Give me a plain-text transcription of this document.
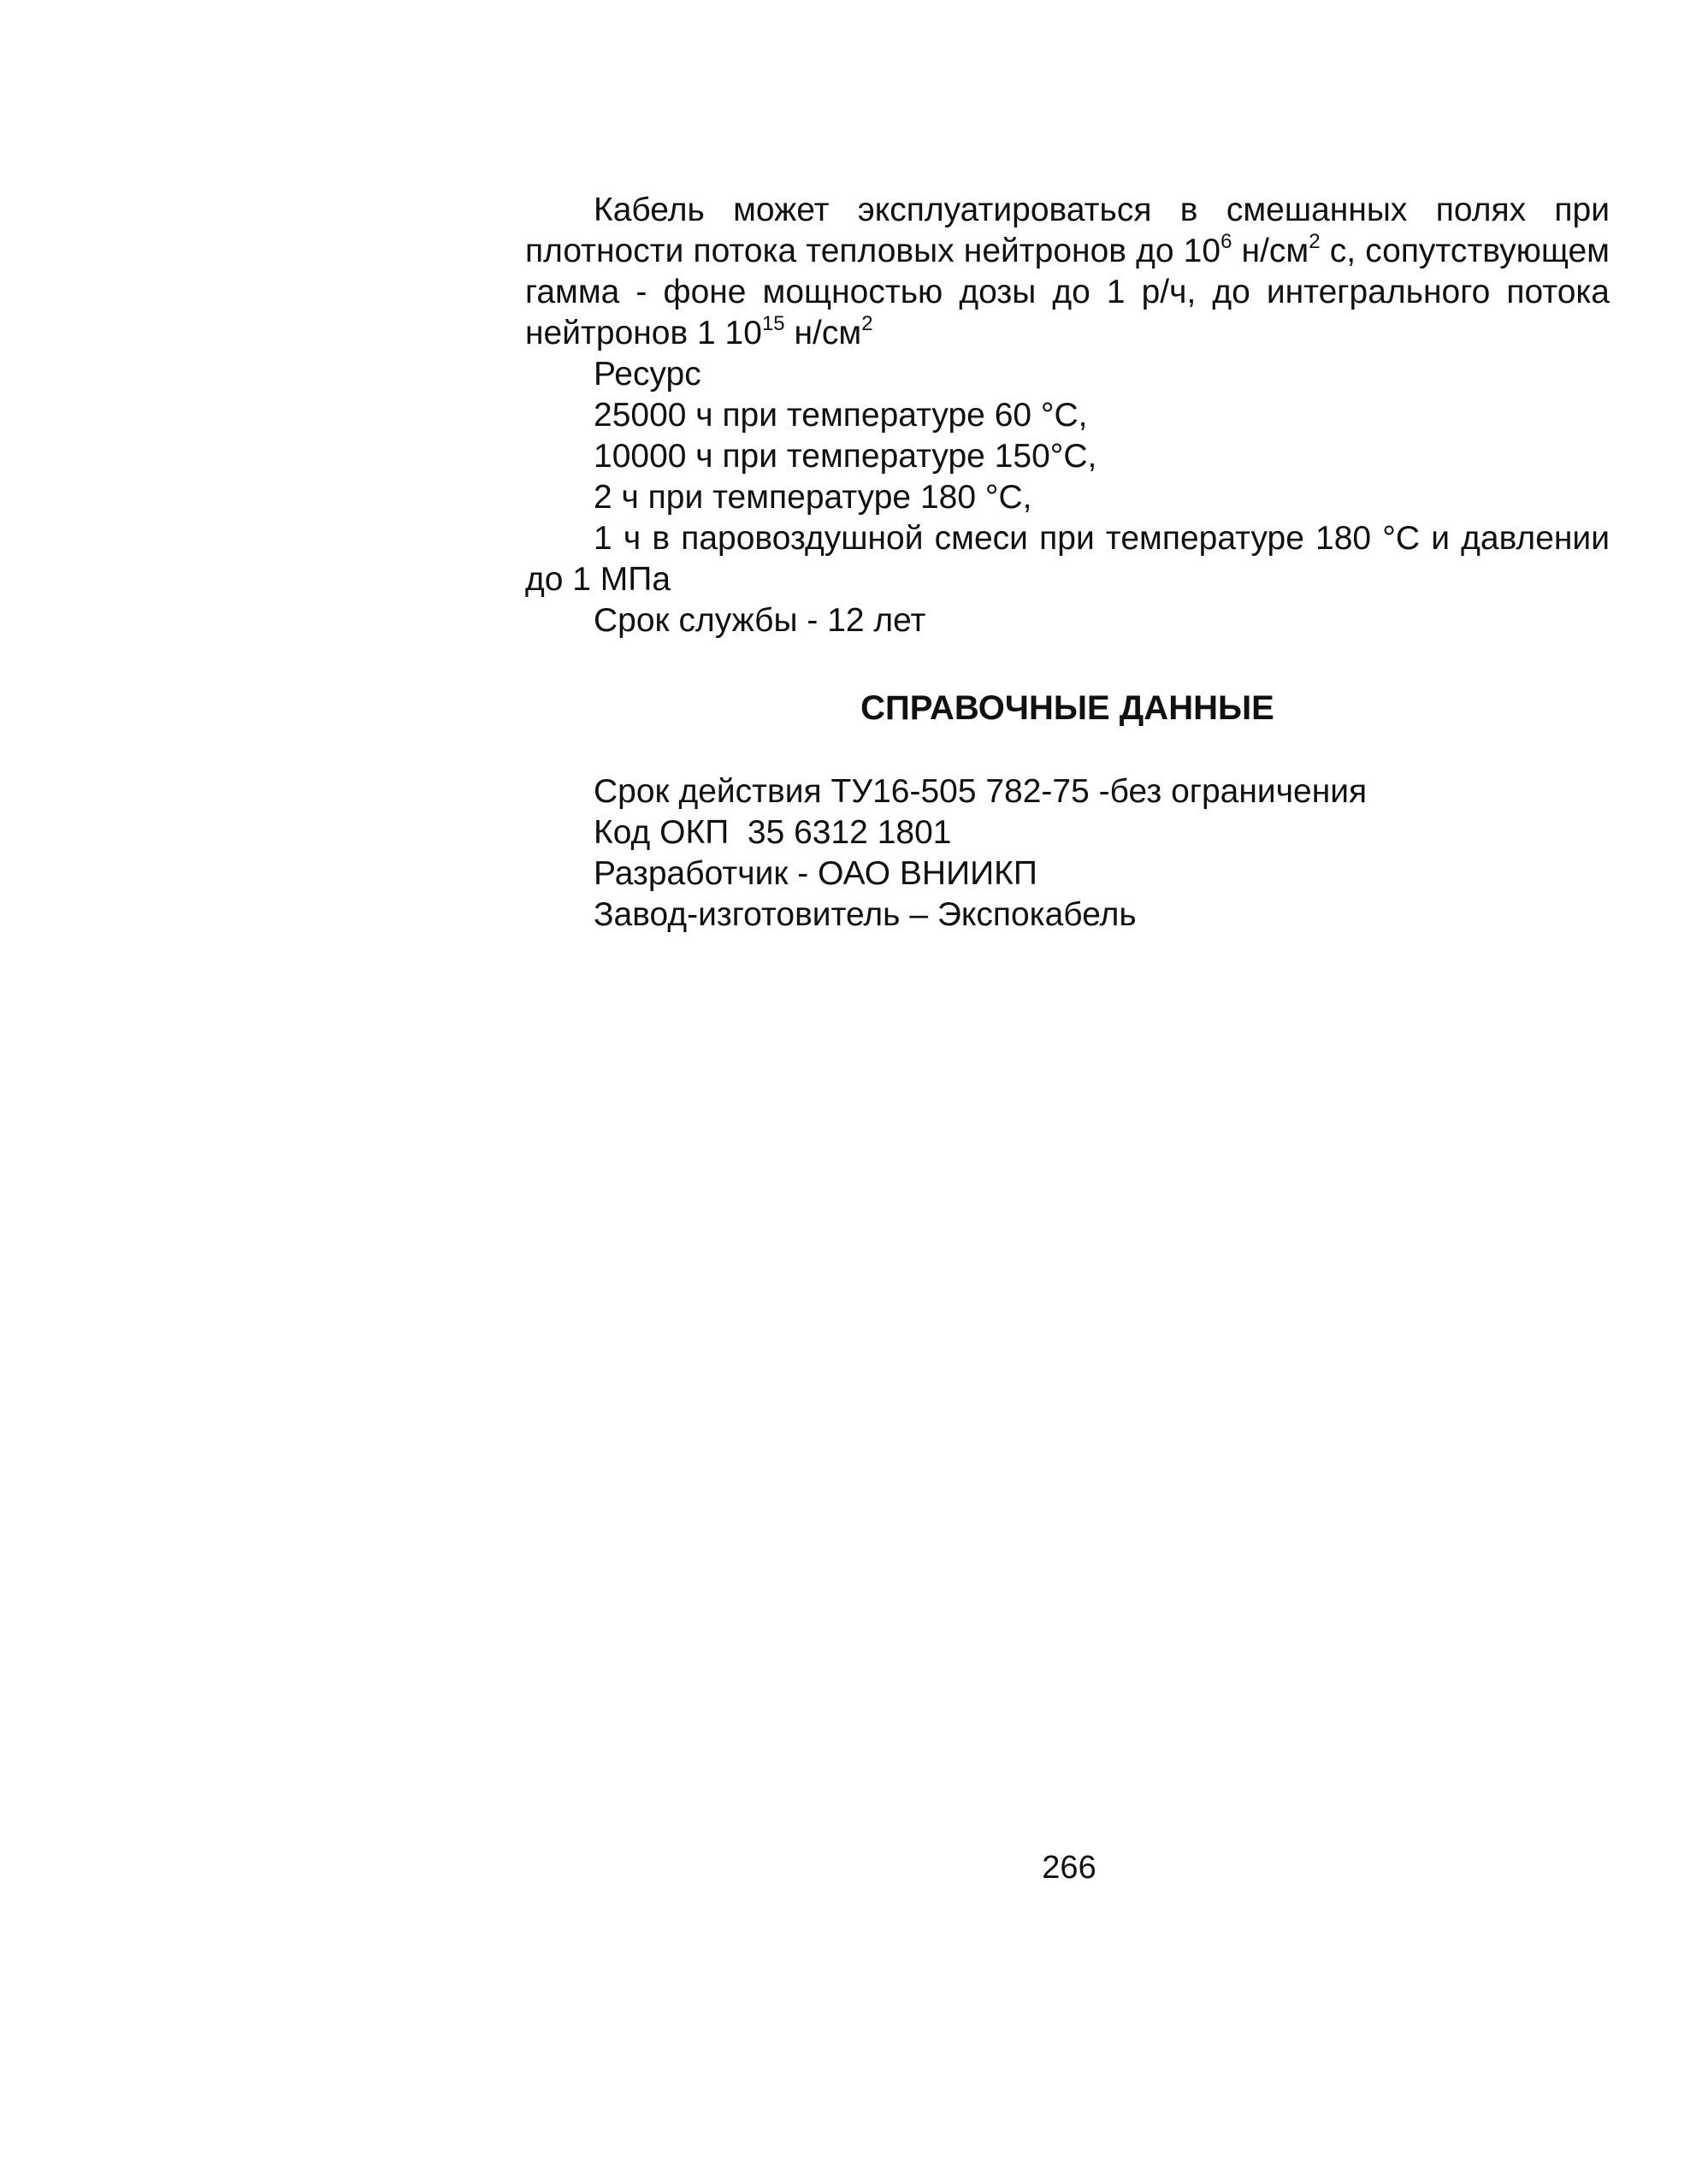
Кабель может эксплуатироваться в смешанных полях при плотности потока тепловых нейтронов до $10^6$ $н/см^2$ с, сопутствующем гамма - фоне мощностью дозы до 1 р/ч, до интегрального потока нейтронов 1 $10^{15}$ $н/см^2$

Ресурс

25000 ч при температуре 60 °С,

10000 ч при температуре 150°С,

2 ч при температуре 180 °С,

1 ч в паровоздушной смеси при температуре 180 °С и давлении до 1 МПа

Срок службы - 12 лет

СПРАВОЧНЫЕ ДАННЫЕ

Срок действия ТУ16-505 782-75 -без ограничения

Код ОКП  35 6312 1801

Разработчик - ОАО ВНИИКП

Завод-изготовитель – Экспокабель

266
